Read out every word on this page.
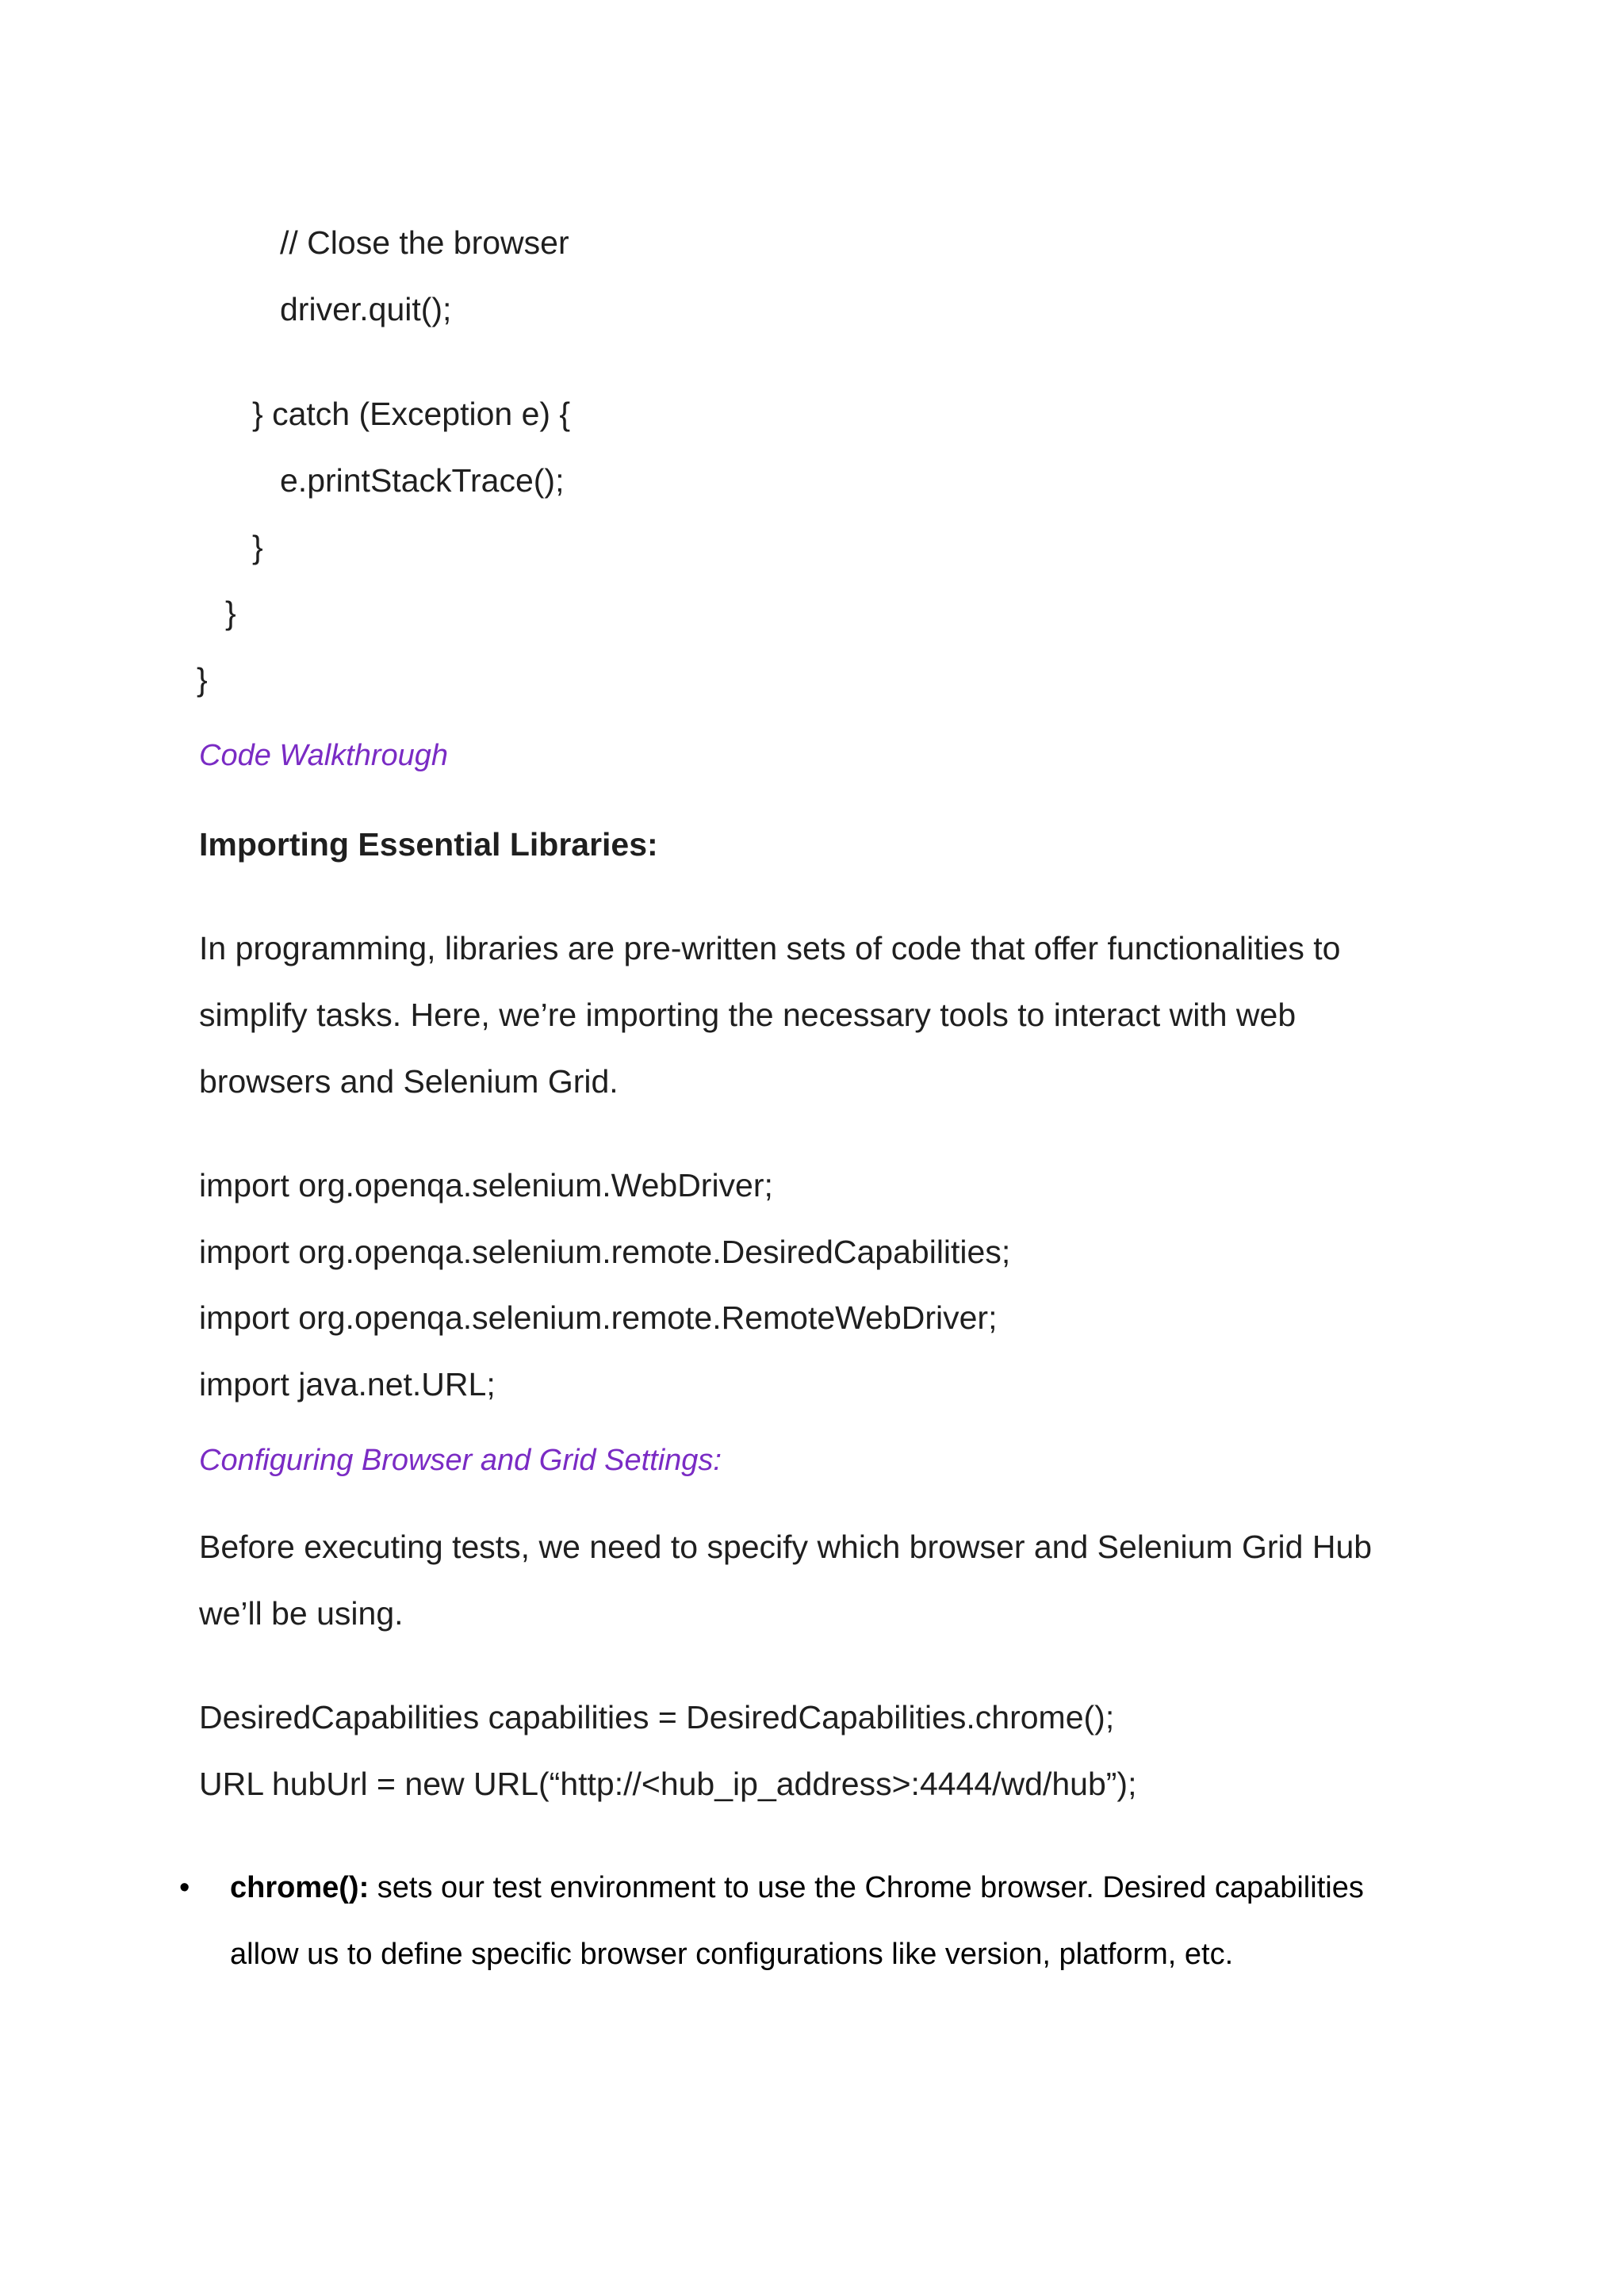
// Close the browser

driver.quit();

} catch (Exception e) {

e.printStackTrace();

}

}

}

Code Walkthrough
Importing Essential Libraries:

In programming, libraries are pre-written sets of code that offer functionalities to

simplify tasks. Here, we’re importing the necessary tools to interact with web

browsers and Selenium Grid.

import org.openqa.selenium.WebDriver;

import org.openqa.selenium.remote.DesiredCapabilities;

import org.openqa.selenium.remote.RemoteWebDriver;

import java.net.URL;

Configuring Browser and Grid Settings:

Before executing tests, we need to specify which browser and Selenium Grid Hub

we’ll be using.

DesiredCapabilities capabilities = DesiredCapabilities.chrome();

URL hubUrl = new URL(“http://<hub_ip_address>:4444/wd/hub”);

• chrome(): sets our test environment to use the Chrome browser. Desired capabilities

allow us to define specific browser configurations like version, platform, etc.
